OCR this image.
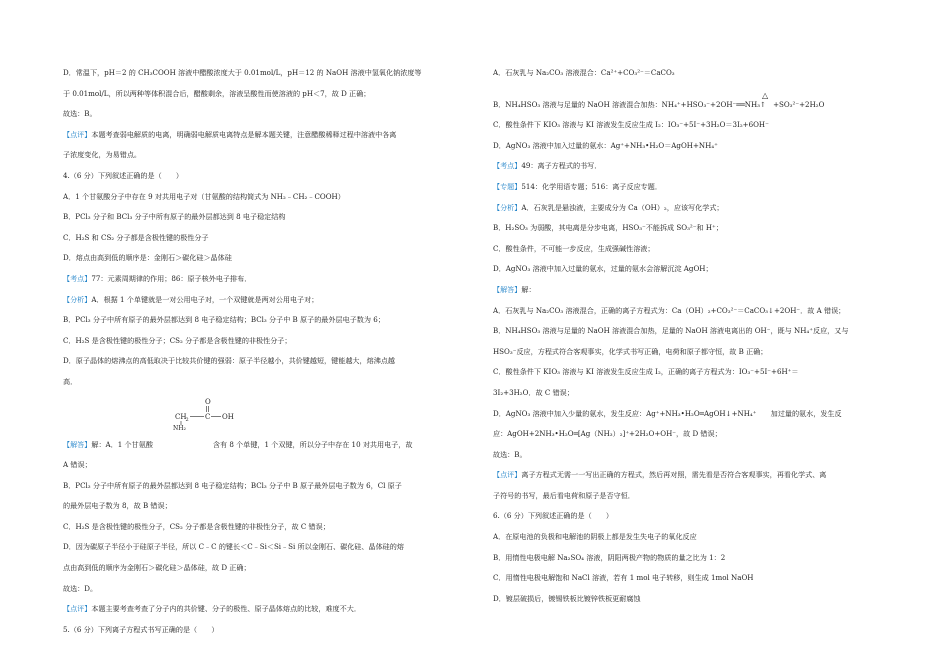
D．常温下，pH＝2 的 CH₃COOH 溶液中醋酸浓度大于 0.01mol/L，pH＝12 的 NaOH 溶液中氢氧化钠浓度等
于 0.01mol/L，所以两种等体积混合后，醋酸剩余，溶液呈酸性而使溶液的 pH＜7，故 D 正确；
故选：B。
【点评】本题考查弱电解质的电离，明确弱电解质电离特点是解本题关键，注意醋酸稀释过程中溶液中各离
子浓度变化，为易错点。
4.（6 分）下列叙述正确的是（　　）
A．1 个甘氨酸分子中存在 9 对共用电子对（甘氨酸的结构简式为 NH₂﹣CH₂﹣COOH）
B．PCl₃ 分子和 BCl₃ 分子中所有原子的最外层都达到 8 电子稳定结构
C．H₂S 和 CS₂ 分子都是含极性键的极性分子
D．熔点由高到低的顺序是：金刚石＞碳化硅＞晶体硅
【考点】77：元素周期律的作用；86：原子核外电子排布．
【分析】A．根据 1 个单键就是一对公用电子对，一个双键就是两对公用电子对；
B．PCl₃ 分子中所有原子的最外层都达到 8 电子稳定结构；BCl₃ 分子中 B 原子的最外层电子数为 6；
C．H₂S 是含极性键的极性分子；CS₂ 分子都是含极性键的非极性分子；
D．原子晶体的熔沸点的高低取决于比较共价键的强弱：原子半径越小，共价键越短，键能越大，熔沸点越
高．
O
CH 2 C OH
NH₂
【解答】解：A．1 个甘氨酸	含有 8 个单键，1 个双键，所以分子中存在 10 对共用电子，故
A 错误；
B．PCl₃ 分子中所有原子的最外层都达到 8 电子稳定结构；BCl₃ 分子中 B 原子最外层电子数为 6，Cl 原子
的最外层电子数为 8，故 B 错误；
C．H₂S 是含极性键的极性分子，CS₂ 分子都是含极性键的非极性分子，故 C 错误；
D．因为碳原子半径小于硅原子半径，所以 C﹣C 的键长＜C﹣Si＜Si﹣Si 所以金刚石、碳化硅、晶体硅的熔
点由高到低的顺序为金刚石＞碳化硅＞晶体硅，故 D 正确；
故选：D。
【点评】本题主要考查考查了分子内的共价键、分子的极性、原子晶体熔点的比较，难度不大．
5.（6 分）下列离子方程式书写正确的是（　　）
A．石灰乳与 Na₂CO₃ 溶液混合：Ca²⁺+CO₃²⁻＝CaCO₃
△
B．NH₄HSO₃ 溶液与足量的 NaOH 溶液混合加热：NH₄⁺+HSO₃⁻+2OH⁻══NH₃↑　+SO₃²⁻+2H₂O
C．酸性条件下 KIO₃ 溶液与 KI 溶液发生反应生成 I₂：IO₃⁻+5I⁻+3H₂O＝3I₂+6OH⁻
D．AgNO₃ 溶液中加入过量的氨水：Ag⁺+NH₃•H₂O＝AgOH+NH₄⁺
【考点】49：离子方程式的书写．
【专题】514：化学用语专题；516：离子反应专题．
【分析】A．石灰乳是悬浊液，主要成分为 Ca（OH）₂，应该写化学式；
B．H₂SO₃ 为弱酸，其电离是分步电离，HSO₃⁻不能拆成 SO₃²⁻和 H⁺；
C．酸性条件，不可能一步反应，生成强碱性溶液；
D．AgNO₃ 溶液中加入过量的氨水，过量的氨水会溶解沉淀 AgOH；
【解答】解：
A．石灰乳与 Na₂CO₃ 溶液混合，正确的离子方程式为：Ca（OH）₂+CO₃²⁻＝CaCO₃↓+2OH⁻．故 A 错误；
B．NH₄HSO₃ 溶液与足量的 NaOH 溶液混合加热，足量的 NaOH 溶液电离出的 OH⁻，既与 NH₄⁺反应，又与
HSO₃⁻反应，方程式符合客观事实，化学式书写正确，电荷和原子都守恒，故 B 正确；
C．酸性条件下 KIO₃ 溶液与 KI 溶液发生反应生成 I₂，正确的离子方程式为：IO₃⁻+5I⁻+6H⁺＝
3I₂+3H₂O．故 C 错误；
D．AgNO₃ 溶液中加入少量的氨水，发生反应：Ag⁺+NH₃•H₂O═AgOH↓+NH₄⁺　　加过量的氨水，发生反
应：AgOH+2NH₃•H₂O═[Ag（NH₃）₂]⁺+2H₂O+OH⁻，故 D 错误；
故选：B。
【点评】离子方程式无需一一写出正确的方程式，然后再对照，需先看是否符合客观事实，再看化学式、离
子符号的书写，最后看电荷和原子是否守恒．
6.（6 分）下列叙述正确的是（　　）
A．在原电池的负极和电解池的阴极上都是发生失电子的氧化反应
B．用惰性电极电解 Na₂SO₄ 溶液，阴阳两极产物的物质的量之比为 1：2
C．用惰性电极电解饱和 NaCl 溶液，若有 1 mol 电子转移，则生成 1mol NaOH
D．镀层破损后，镀锡铁板比镀锌铁板更耐腐蚀
